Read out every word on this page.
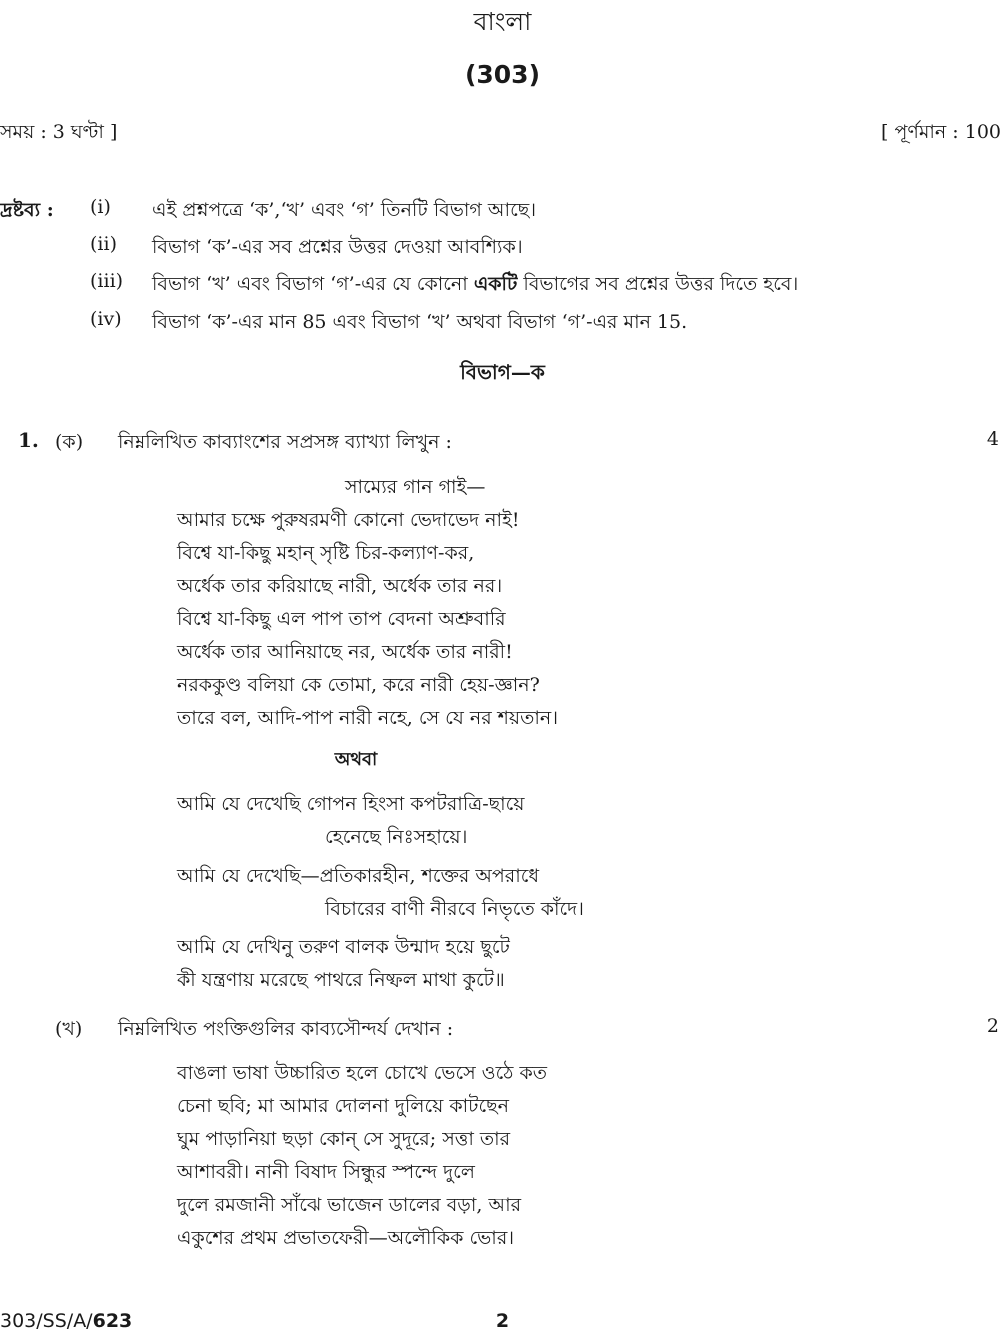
বাংলা
(303)
সময় : 3 ঘণ্টা ]	[ পূর্ণমান : 100
দ্রষ্টব্য : (i) এই প্রশ্নপত্রে ‘ক’,‘খ’ এবং ‘গ’ তিনটি বিভাগ আছে।
(ii) বিভাগ ‘ক’-এর সব প্রশ্নের উত্তর দেওয়া আবশ্যিক।
(iii) বিভাগ ‘খ’ এবং বিভাগ ‘গ’-এর যে কোনো একটি বিভাগের সব প্রশ্নের উত্তর দিতে হবে।
(iv) বিভাগ ‘ক’-এর মান 85 এবং বিভাগ ‘খ’ অথবা বিভাগ ‘গ’-এর মান 15.
বিভাগ—ক
1. (ক) নিম্নলিখিত কাব্যাংশের সপ্রসঙ্গ ব্যাখ্যা লিখুন :	4
সাম্যের গান গাই—
আমার চক্ষে পুরুষরমণী কোনো ভেদাভেদ নাই!
বিশ্বে যা-কিছু মহান্ সৃষ্টি চির-কল্যাণ-কর,
অর্ধেক তার করিয়াছে নারী, অর্ধেক তার নর।
বিশ্বে যা-কিছু এল পাপ তাপ বেদনা অশ্রুবারি
অর্ধেক তার আনিয়াছে নর, অর্ধেক তার নারী!
নরককুণ্ড বলিয়া কে তোমা, করে নারী হেয়-জ্ঞান?
তারে বল, আদি-পাপ নারী নহে, সে যে নর শয়তান।
অথবা
আমি যে দেখেছি গোপন হিংসা কপটরাত্রি-ছায়ে
হেনেছে নিঃসহায়ে।
আমি যে দেখেছি—প্রতিকারহীন, শক্তের অপরাধে
বিচারের বাণী নীরবে নিভৃতে কাঁদে।
আমি যে দেখিনু তরুণ বালক উন্মাদ হয়ে ছুটে
কী যন্ত্রণায় মরেছে পাথরে নিষ্ফল মাথা কুটে॥
(খ) নিম্নলিখিত পংক্তিগুলির কাব্যসৌন্দর্য দেখান :	2
বাঙলা ভাষা উচ্চারিত হলে চোখে ভেসে ওঠে কত
চেনা ছবি; মা আমার দোলনা দুলিয়ে কাটছেন
ঘুম পাড়ানিয়া ছড়া কোন্ সে সুদূরে; সত্তা তার
আশাবরী। নানী বিষাদ সিন্ধুর স্পন্দে দুলে
দুলে রমজানী সাঁঝে ভাজেন ডালের বড়া, আর
একুশের প্রথম প্রভাতফেরী—অলৌকিক ভোর।
303/SS/A/623	2
